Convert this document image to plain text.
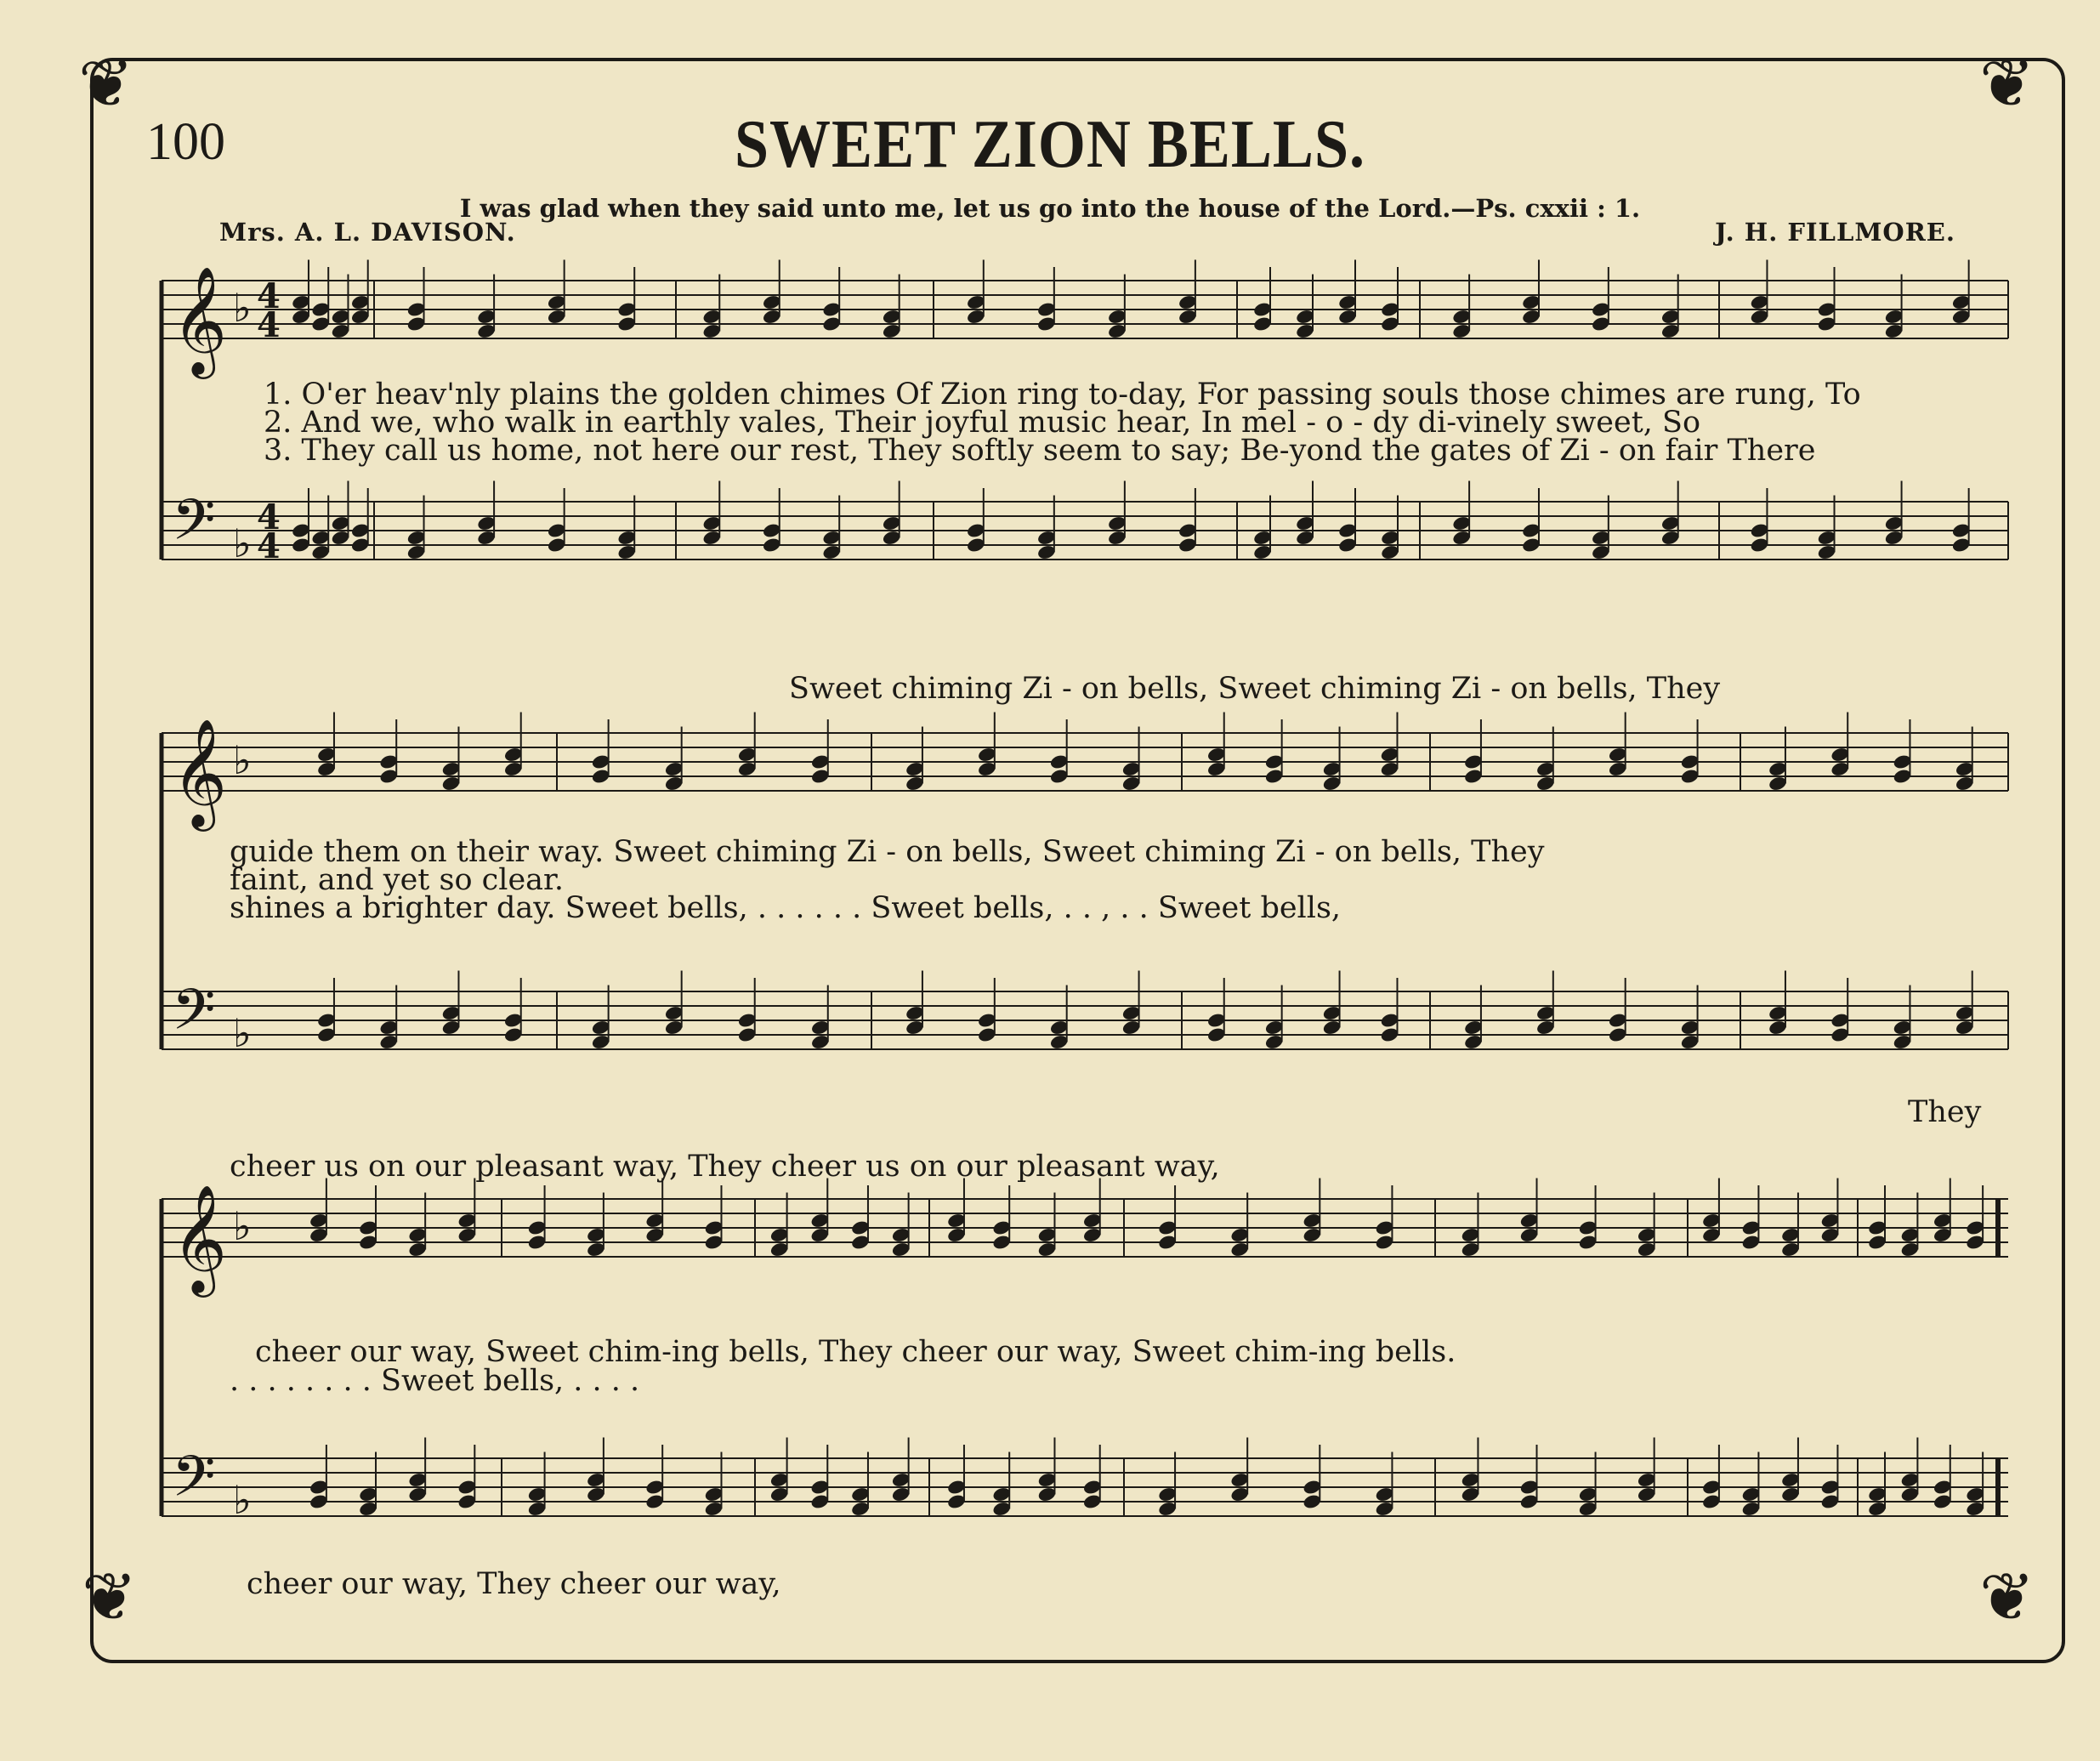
❦	❦
❦	❦
100	SWEET ZION BELLS.
I was glad when they said unto me, let us go into the house of the Lord.—Ps. cxxii : 1.
Mrs. A. L. DAVISON.	J. H. FILLMORE.
1. O'er heav'nly plains the golden chimes Of Zion ring to-day, For passing souls those chimes are rung, To
2. And we, who walk in earthly vales, Their joyful music hear, In mel - o - dy di-vinely sweet, So
3. They call us home, not here our rest, They softly seem to say; Be-yond the gates of Zi - on fair There
Sweet chiming Zi - on bells, Sweet chiming Zi - on bells, They
guide them on their way. Sweet chiming Zi - on bells, Sweet chiming Zi - on bells, They
faint, and yet so clear.
shines a brighter day. Sweet bells, . . . . . . Sweet bells, . . , . . Sweet bells,
They
cheer us on our pleasant way, They cheer us on our pleasant way,
cheer our way, Sweet chim-ing bells, They cheer our way, Sweet chim-ing bells.
. . . . . . . . Sweet bells, . . . .
cheer our way, They cheer our way,
𝄞 ♭ 4
4
𝄢 ♭
4
4
𝄞 ♭
𝄢 ♭
𝄞 ♭
𝄢 ♭
